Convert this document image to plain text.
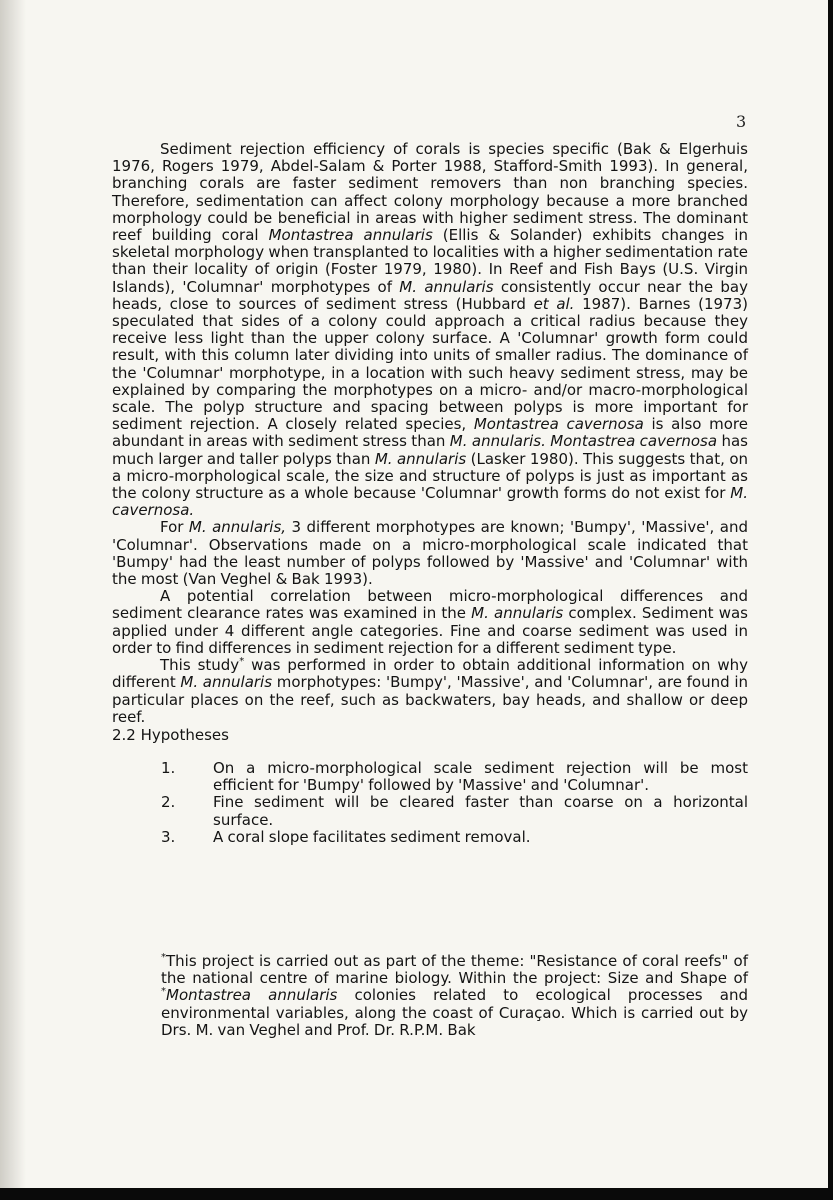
3

Sediment rejection efficiency of corals is species specific (Bak & Elgerhuis 1976, Rogers 1979, Abdel-Salam & Porter 1988, Stafford-Smith 1993). In general, branching corals are faster sediment removers than non branching species. Therefore, sedimentation can affect colony morphology because a more branched morphology could be beneficial in areas with higher sediment stress. The dominant reef building coral Montastrea annularis (Ellis & Solander) exhibits changes in skeletal morphology when transplanted to localities with a higher sedimentation rate than their locality of origin (Foster 1979, 1980). In Reef and Fish Bays (U.S. Virgin Islands), 'Columnar' morphotypes of M. annularis consistently occur near the bay heads, close to sources of sediment stress (Hubbard et al. 1987). Barnes (1973) speculated that sides of a colony could approach a critical radius because they receive less light than the upper colony surface. A 'Columnar' growth form could result, with this column later dividing into units of smaller radius. The dominance of the 'Columnar' morphotype, in a location with such heavy sediment stress, may be explained by comparing the morphotypes on a micro- and/or macro-morphological scale. The polyp structure and spacing between polyps is more important for sediment rejection. A closely related species, Montastrea cavernosa is also more abundant in areas with sediment stress than M. annularis. Montastrea cavernosa has much larger and taller polyps than M. annularis (Lasker 1980). This suggests that, on a micro-morphological scale, the size and structure of polyps is just as important as the colony structure as a whole because 'Columnar' growth forms do not exist for M. cavernosa.

For M. annularis, 3 different morphotypes are known; 'Bumpy', 'Massive', and 'Columnar'. Observations made on a micro-morphological scale indicated that 'Bumpy' had the least number of polyps followed by 'Massive' and 'Columnar' with the most (Van Veghel & Bak 1993).

A potential correlation between micro-morphological differences and sediment clearance rates was examined in the M. annularis complex. Sediment was applied under 4 different angle categories. Fine and coarse sediment was used in order to find differences in sediment rejection for a different sediment type.

This study* was performed in order to obtain additional information on why different M. annularis morphotypes: 'Bumpy', 'Massive', and 'Columnar', are found in particular places on the reef, such as backwaters, bay heads, and shallow or deep reef.

2.2 Hypotheses
1.	On a micro-morphological scale sediment rejection will be most efficient for 'Bumpy' followed by 'Massive' and 'Columnar'.
2.	Fine sediment will be cleared faster than coarse on a horizontal surface.
3.	A coral slope facilitates sediment removal.
*This project is carried out as part of the theme: "Resistance of coral reefs" of the national centre of marine biology. Within the project: Size and Shape of *Montastrea annularis colonies related to ecological processes and environmental variables, along the coast of Curaçao. Which is carried out by Drs. M. van Veghel and Prof. Dr. R.P.M. Bak
